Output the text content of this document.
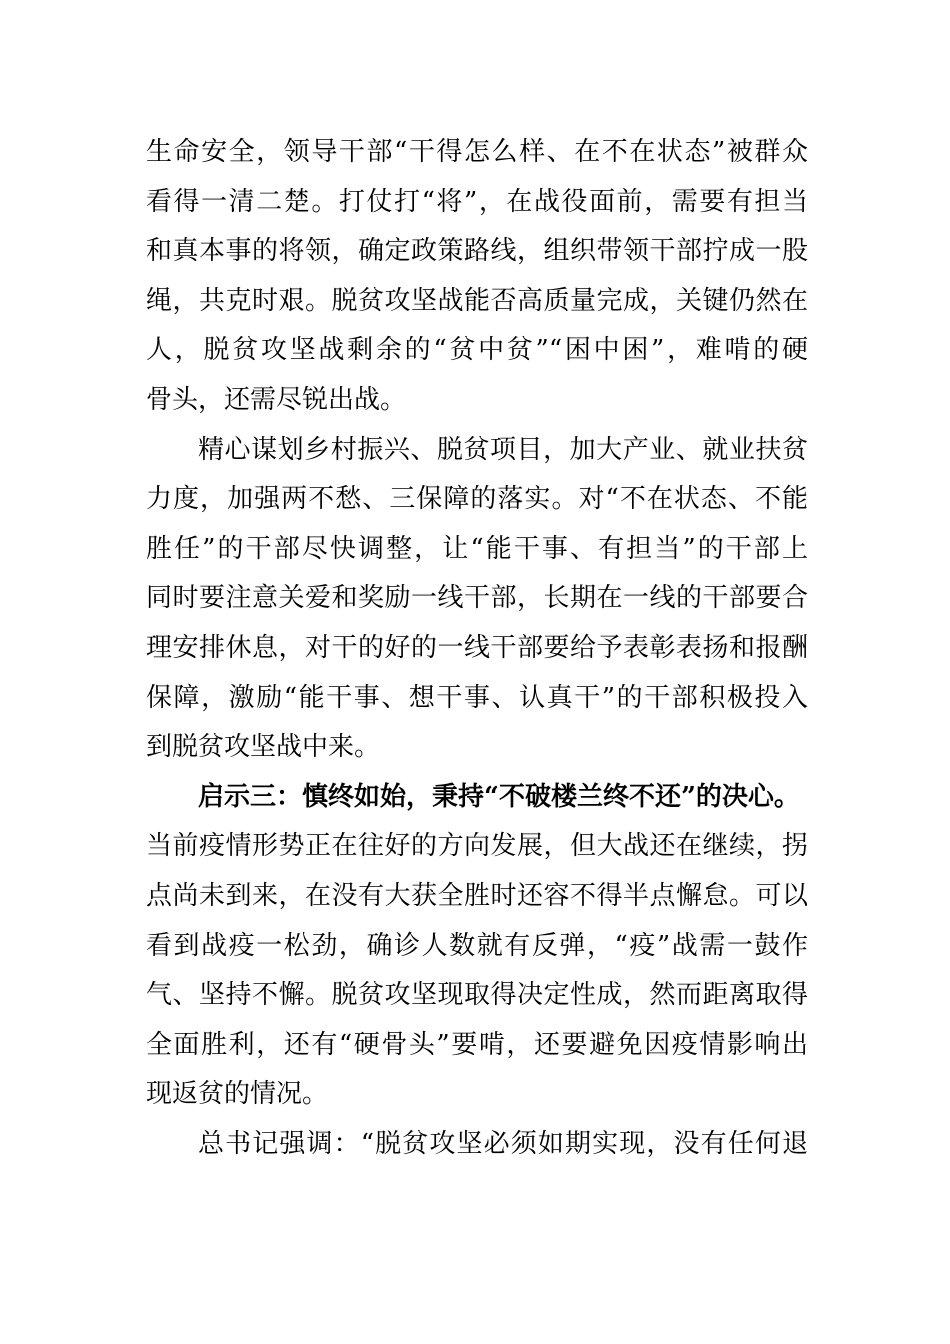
生命安全，领导干部“干得怎么样、在不在状态”被群众
看得一清二楚。打仗打“将”，在战役面前，需要有担当
和真本事的将领，确定政策路线，组织带领干部拧成一股
绳，共克时艰。脱贫攻坚战能否高质量完成，关键仍然在
人，脱贫攻坚战剩余的“贫中贫”“困中困”，难啃的硬
骨头，还需尽锐出战。
精心谋划乡村振兴、脱贫项目，加大产业、就业扶贫
力度，加强两不愁、三保障的落实。对“不在状态、不能
胜任”的干部尽快调整，让“能干事、有担当”的干部上
同时要注意关爱和奖励一线干部，长期在一线的干部要合
理安排休息，对干的好的一线干部要给予表彰表扬和报酬
保障，激励“能干事、想干事、认真干”的干部积极投入
到脱贫攻坚战中来。
启示三：慎终如始，秉持“不破楼兰终不还”的决心。
当前疫情形势正在往好的方向发展，但大战还在继续，拐
点尚未到来，在没有大获全胜时还容不得半点懈怠。可以
看到战疫一松劲，确诊人数就有反弹，“疫”战需一鼓作
气、坚持不懈。脱贫攻坚现取得决定性成，然而距离取得
全面胜利，还有“硬骨头”要啃，还要避免因疫情影响出
现返贫的情况。
总书记强调：“脱贫攻坚必须如期实现，没有任何退
